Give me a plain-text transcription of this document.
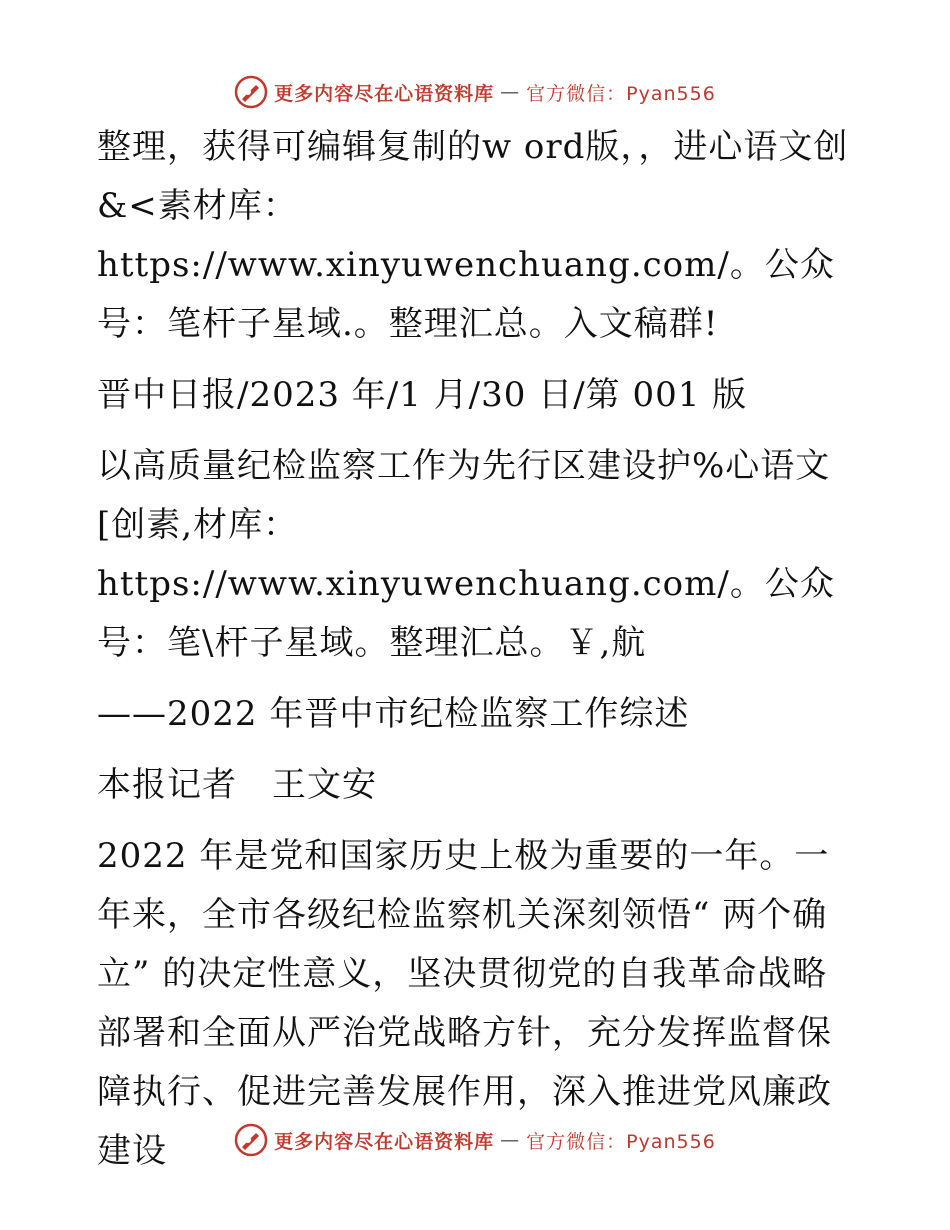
更多内容尽在心语资料库 — 官方微信：Pyan556

整理，获得可编辑复制的w ord版，，进心语文创&<素材库：https://www.xinyuwenchuang.com/。公众号：笔杆子星域.。整理汇总。入文稿群!

晋中日报/2023 年/1 月/30 日/第 001 版

以高质量纪检监察工作为先行区建设护%心语文[创素,材库：https://www.xinyuwenchuang.com/。公众号：笔\杆子星域。整理汇总。￥,航

——2022 年晋中市纪检监察工作综述

本报记者　王文安

2022 年是党和国家历史上极为重要的一年。一年来，全市各级纪检监察机关深刻领悟“ 两个确立” 的决定性意义，坚决贯彻党的自我革命战略部署和全面从严治党战略方针，充分发挥监督保障执行、促进完善发展作用，深入推进党风廉政建设	更多内容尽在心语资料库 — 官方微信：Pyan556
